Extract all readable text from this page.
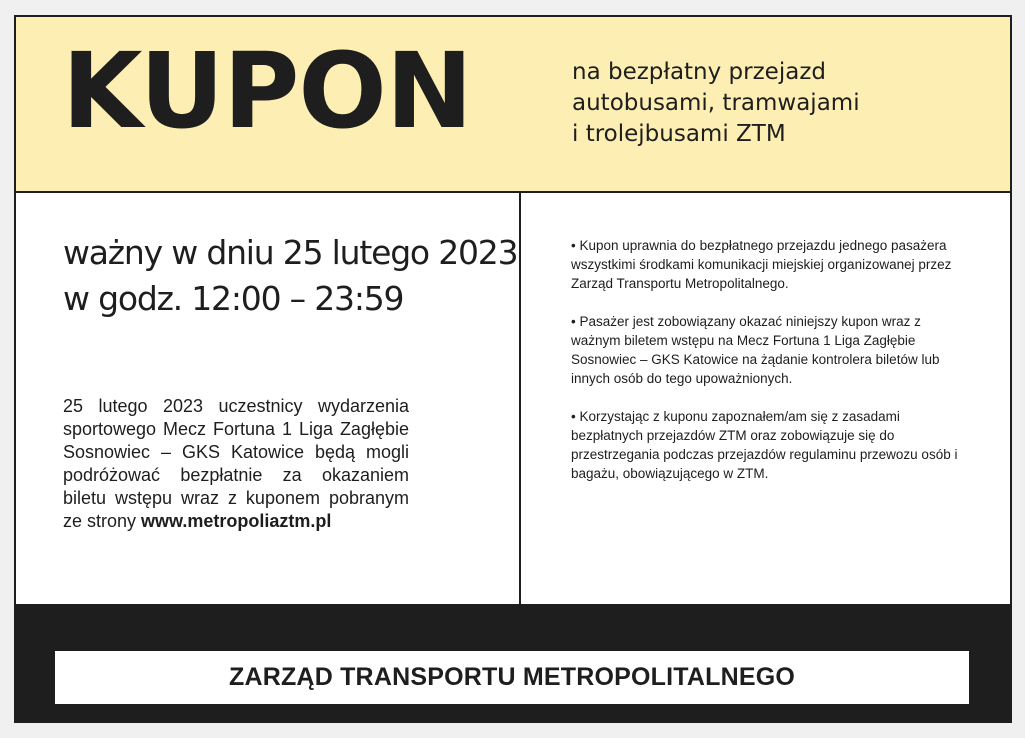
KUPON	na bezpłatny przejazd
autobusami, tramwajami
i trolejbusami ZTM
ważny w dniu 25 lutego 2023
w godz. 12:00 – 23:59
25 lutego 2023 uczestnicy wydarzenia sportowego Mecz Fortuna 1 Liga Zagłębie Sosnowiec – GKS Katowice będą mogli podróżować bezpłatnie za okazaniem biletu wstępu wraz z kuponem pobranym ze strony www.metropoliaztm.pl

• Kupon uprawnia do bezpłatnego przejazdu jednego pasażera wszystkimi środkami komunikacji miejskiej organizowanej przez Zarząd Transportu Metropolitalnego.

• Pasażer jest zobowiązany okazać niniejszy kupon wraz z ważnym biletem wstępu na Mecz Fortuna 1 Liga Zagłębie Sosnowiec – GKS Katowice na żądanie kontrolera biletów lub innych osób do tego upoważnionych.

• Korzystając z kuponu zapoznałem/am się z zasadami bezpłatnych przejazdów ZTM oraz zobowiązuje się do przestrzegania podczas przejazdów regulaminu przewozu osób i bagażu, obowiązującego w ZTM.

ZARZĄD TRANSPORTU METROPOLITALNEGO
